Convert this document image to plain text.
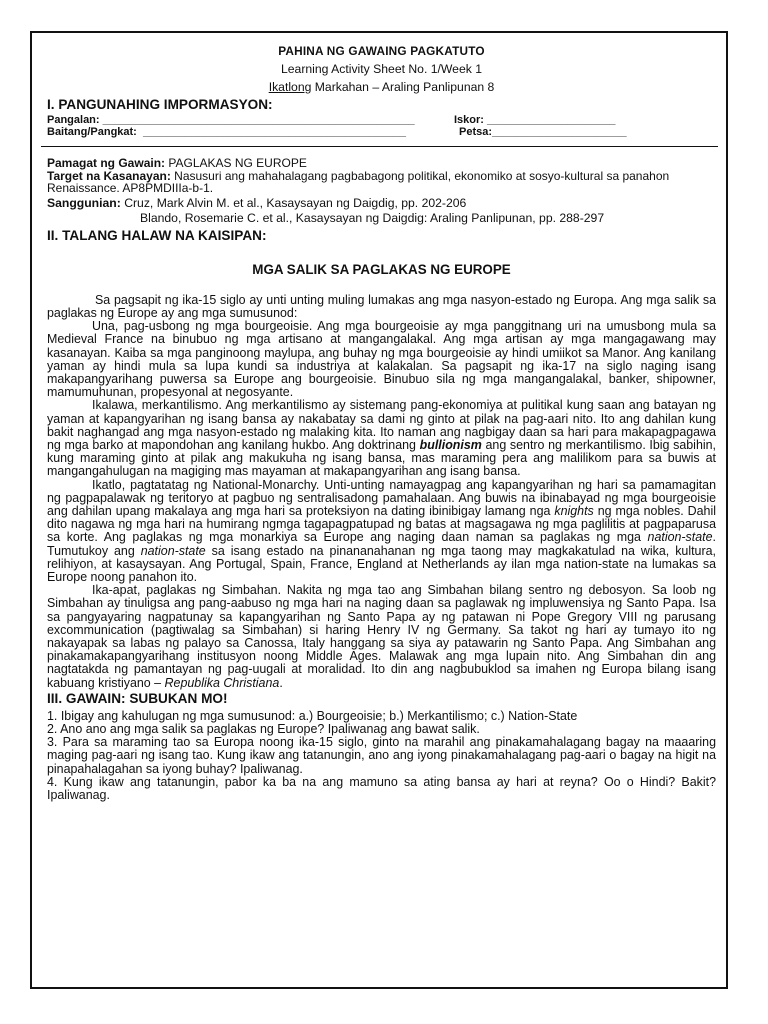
PAHINA NG GAWAING PAGKATUTO
Learning Activity Sheet No. 1/Week 1
Ikatlong Markahan – Araling Panlipunan 8
I. PANGUNAHING IMPORMASYON:
Pangalan: ___________________________________________________	Iskor: _____________________
Baitang/Pangkat: ___________________________________________	Petsa:______________________

Pamagat ng Gawain: PAGLAKAS NG EUROPE

Target na Kasanayan: Nasusuri ang mahahalagang pagbabagong politikal, ekonomiko at sosyo-kultural sa panahon Renaissance. AP8PMDIIIa-b-1.

Sanggunian: Cruz, Mark Alvin M. et al., Kasaysayan ng Daigdig, pp. 202-206
Blando, Rosemarie C. et al., Kasaysayan ng Daigdig: Araling Panlipunan, pp. 288-297
II. TALANG HALAW NA KAISIPAN:
MGA SALIK SA PAGLAKAS NG EUROPE

Sa pagsapit ng ika-15 siglo ay unti unting muling lumakas ang mga nasyon-estado ng Europa. Ang mga salik sa paglakas ng Europe ay ang mga sumusunod:

Una, pag-usbong ng mga bourgeoisie. Ang mga bourgeoisie ay mga panggitnang uri na umusbong mula sa Medieval France na binubuo ng mga artisano at mangangalakal. Ang mga artisan ay mga mangagawang may kasanayan. Kaiba sa mga panginoong maylupa, ang buhay ng mga bourgeoisie ay hindi umiikot sa Manor. Ang kanilang yaman ay hindi mula sa lupa kundi sa industriya at kalakalan. Sa pagsapit ng ika-17 na siglo naging isang makapangyarihang puwersa sa Europe ang bourgeoisie. Binubuo sila ng mga mangangalakal, banker, shipowner, mamumuhunan, propesyonal at negosyante.

Ikalawa, merkantilismo. Ang merkantilismo ay sistemang pang-ekonomiya at pulitikal kung saan ang batayan ng yaman at kapangyarihan ng isang bansa ay nakabatay sa dami ng ginto at pilak na pag-aari nito. Ito ang dahilan kung bakit naghangad ang mga nasyon-estado ng malaking kita. Ito naman ang nagbigay daan sa hari para makapagpagawa ng mga barko at mapondohan ang kanilang hukbo. Ang doktrinang bullionism ang sentro ng merkantilismo. Ibig sabihin, kung maraming ginto at pilak ang makukuha ng isang bansa, mas maraming pera ang malilikom para sa buwis at mangangahulugan na magiging mas mayaman at makapangyarihan ang isang bansa.

Ikatlo, pagtatatag ng National-Monarchy. Unti-unting namayagpag ang kapangyarihan ng hari sa pamamagitan ng pagpapalawak ng teritoryo at pagbuo ng sentralisadong pamahalaan. Ang buwis na ibinabayad ng mga bourgeoisie ang dahilan upang makalaya ang mga hari sa proteksiyon na dating ibinibigay lamang nga knights ng mga nobles. Dahil dito nagawa ng mga hari na humirang ngmga tagapagpatupad ng batas at magsagawa ng mga paglilitis at pagpaparusa sa korte. Ang paglakas ng mga monarkiya sa Europe ang naging daan naman sa paglakas ng mga nation-state. Tumutukoy ang nation-state sa isang estado na pinananahanan ng mga taong may magkakatulad na wika, kultura, relihiyon, at kasaysayan. Ang Portugal, Spain, France, England at Netherlands ay ilan mga nation-state na lumakas sa Europe noong panahon ito.

Ika-apat, paglakas ng Simbahan. Nakita ng mga tao ang Simbahan bilang sentro ng debosyon. Sa loob ng Simbahan ay tinuligsa ang pang-aabuso ng mga hari na naging daan sa paglawak ng impluwensiya ng Santo Papa. Isa sa pangyayaring nagpatunay sa kapangyarihan ng Santo Papa ay ng patawan ni Pope Gregory VIII ng parusang excommunication (pagtiwalag sa Simbahan) si haring Henry IV ng Germany. Sa takot ng hari ay tumayo ito ng nakayapak sa labas ng palayo sa Canossa, Italy hanggang sa siya ay patawarin ng Santo Papa. Ang Simbahan ang pinakamakapangyarihang institusyon noong Middle Ages. Malawak ang mga lupain nito. Ang Simbahan din ang nagtatakda ng pamantayan ng pag-uugali at moralidad. Ito din ang nagbubuklod sa imahen ng Europa bilang isang kabuang kristiyano – Republika Christiana.

III. GAWAIN: SUBUKAN MO!

1. Ibigay ang kahulugan ng mga sumusunod: a.) Bourgeoisie; b.) Merkantilismo; c.) Nation-State

2. Ano ano ang mga salik sa paglakas ng Europe? Ipaliwanag ang bawat salik.

3. Para sa maraming tao sa Europa noong ika-15 siglo, ginto na marahil ang pinakamahalagang bagay na maaaring maging pag-aari ng isang tao. Kung ikaw ang tatanungin, ano ang iyong pinakamahalagang pag-aari o bagay na higit na pinapahalagahan sa iyong buhay? Ipaliwanag.

4. Kung ikaw ang tatanungin, pabor ka ba na ang mamuno sa ating bansa ay hari at reyna? Oo o Hindi? Bakit? Ipaliwanag.
